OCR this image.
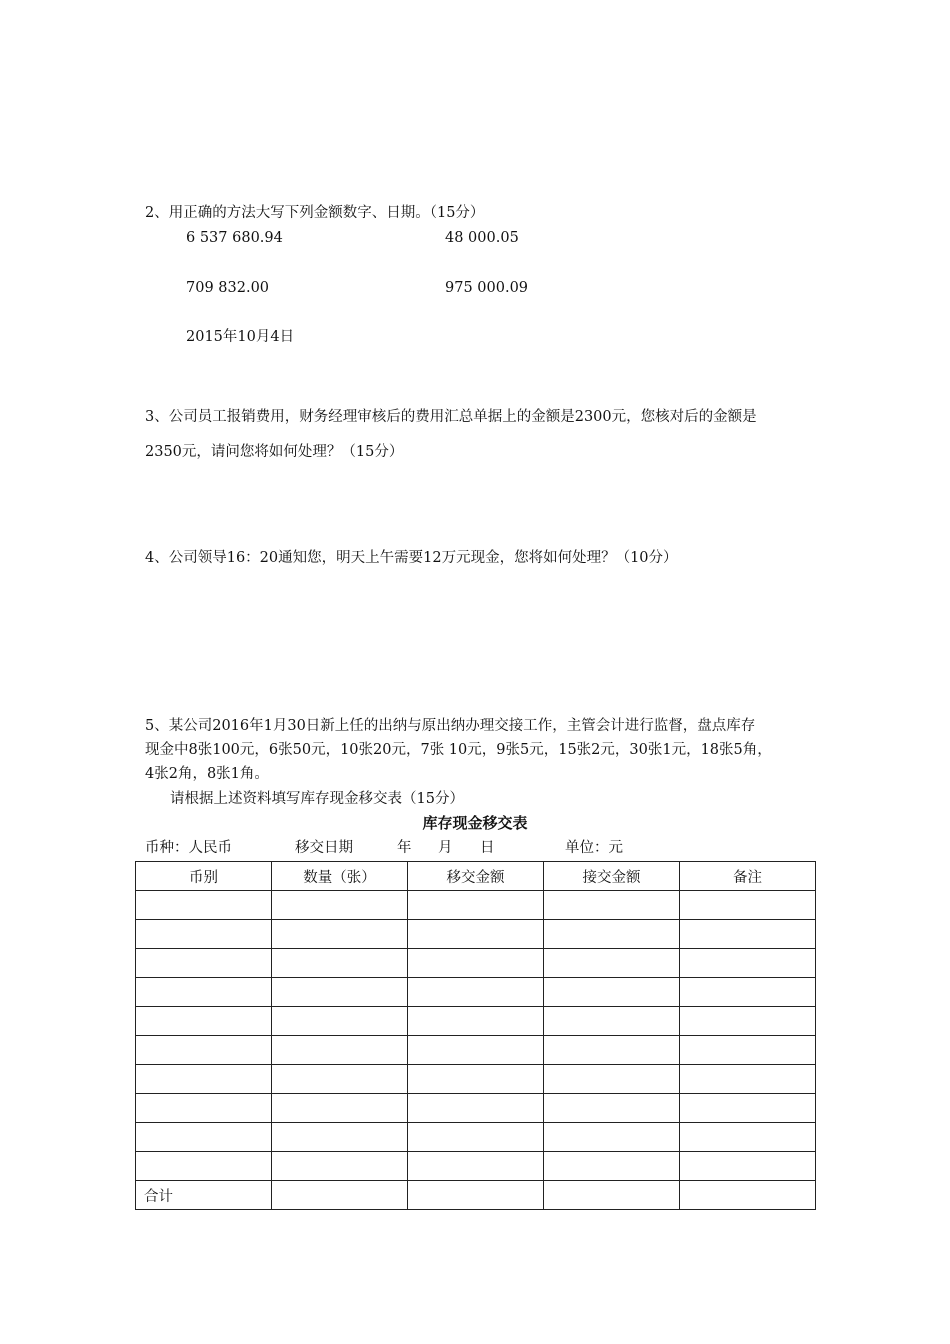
2、用正确的方法大写下列金额数字、日期。（15分）
6 537 680.94	48 000.05
709 832.00	975 000.09
2015年10月4日
3、公司员工报销费用，财务经理审核后的费用汇总单据上的金额是2300元，您核对后的金额是
2350元，请问您将如何处理？（15分）
4、公司领导16：20通知您，明天上午需要12万元现金，您将如何处理？（10分）
5、某公司2016年1月30日新上任的出纳与原出纳办理交接工作，主管会计进行监督，盘点库存
现金中8张100元，6张50元，10张20元，7张 10元，9张5元，15张2元，30张1元，18张5角，
4张2角，8张1角。
请根据上述资料填写库存现金移交表（15分）
库存现金移交表
币种：人民币	移交日期	年 月 日	单位：元
币别	数量（张）	移交金额	接交金额	备注

合计				
